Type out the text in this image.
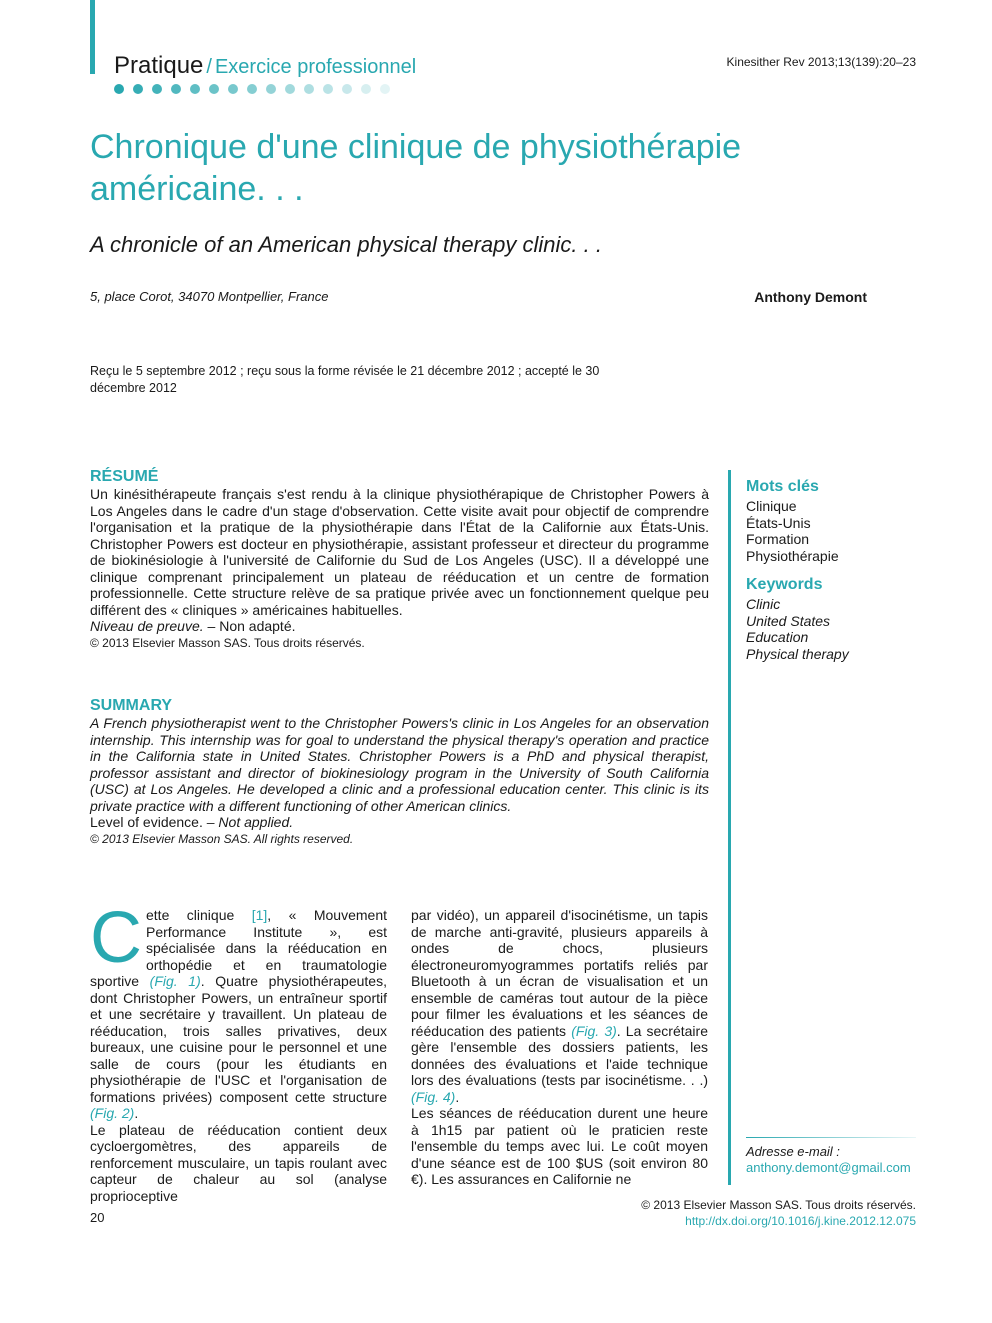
Pratique / Exercice professionnel	Kinesither Rev 2013;13(139):20–23
Chronique d'une clinique de physiothérapie américaine. . .
A chronicle of an American physical therapy clinic. . .
5, place Corot, 34070 Montpellier, France	Anthony Demont
Reçu le 5 septembre 2012 ; reçu sous la forme révisée le 21 décembre 2012 ; accepté le 30 décembre 2012
RÉSUMÉ
Un kinésithérapeute français s'est rendu à la clinique physiothérapique de Christopher Powers à Los Angeles dans le cadre d'un stage d'observation. Cette visite avait pour objectif de comprendre l'organisation et la pratique de la physiothérapie dans l'État de la Californie aux États-Unis. Christopher Powers est docteur en physiothérapie, assistant professeur et directeur du programme de biokinésiologie à l'université de Californie du Sud de Los Angeles (USC). Il a développé une clinique comprenant principalement un plateau de rééducation et un centre de formation professionnelle. Cette structure relève de sa pratique privée avec un fonctionnement quelque peu différent des « cliniques » américaines habituelles.
Niveau de preuve. – Non adapté.
© 2013 Elsevier Masson SAS. Tous droits réservés.
SUMMARY
A French physiotherapist went to the Christopher Powers's clinic in Los Angeles for an observation internship. This internship was for goal to understand the physical therapy's operation and practice in the California state in United States. Christopher Powers is a PhD and physical therapist, professor assistant and director of biokinesiology program in the University of South California (USC) at Los Angeles. He developed a clinic and a professional education center. This clinic is its private practice with a different functioning of other American clinics.
Level of evidence. – Not applied.
© 2013 Elsevier Masson SAS. All rights reserved.
Mots clés
Clinique
États-Unis
Formation
Physiothérapie
Keywords
Clinic
United States
Education
Physical therapy
Cette clinique [1], « Mouvement Performance Institute », est spécialisée dans la rééducation en orthopédie et en traumatologie sportive (Fig. 1). Quatre physiothérapeutes, dont Christopher Powers, un entraîneur sportif et une secrétaire y travaillent. Un plateau de rééducation, trois salles privatives, deux bureaux, une cuisine pour le personnel et une salle de cours (pour les étudiants en physiothérapie de l'USC et l'organisation de formations privées) composent cette structure (Fig. 2).
Le plateau de rééducation contient deux cycloergomètres, des appareils de renforcement musculaire, un tapis roulant avec capteur de chaleur au sol (analyse proprioceptive
par vidéo), un appareil d'isocinétisme, un tapis de marche anti-gravité, plusieurs appareils à ondes de chocs, plusieurs électroneuromyogrammes portatifs reliés par Bluetooth à un écran de visualisation et un ensemble de caméras tout autour de la pièce pour filmer les évaluations et les séances de rééducation des patients (Fig. 3). La secrétaire gère l'ensemble des dossiers patients, les données des évaluations et l'aide technique lors des évaluations (tests par isocinétisme. . .) (Fig. 4).
Les séances de rééducation durent une heure à 1h15 par patient où le praticien reste l'ensemble du temps avec lui. Le coût moyen d'une séance est de 100 $US (soit environ 80 €). Les assurances en Californie ne
Adresse e-mail :
anthony.demont@gmail.com
© 2013 Elsevier Masson SAS. Tous droits réservés.
http://dx.doi.org/10.1016/j.kine.2012.12.075
20
